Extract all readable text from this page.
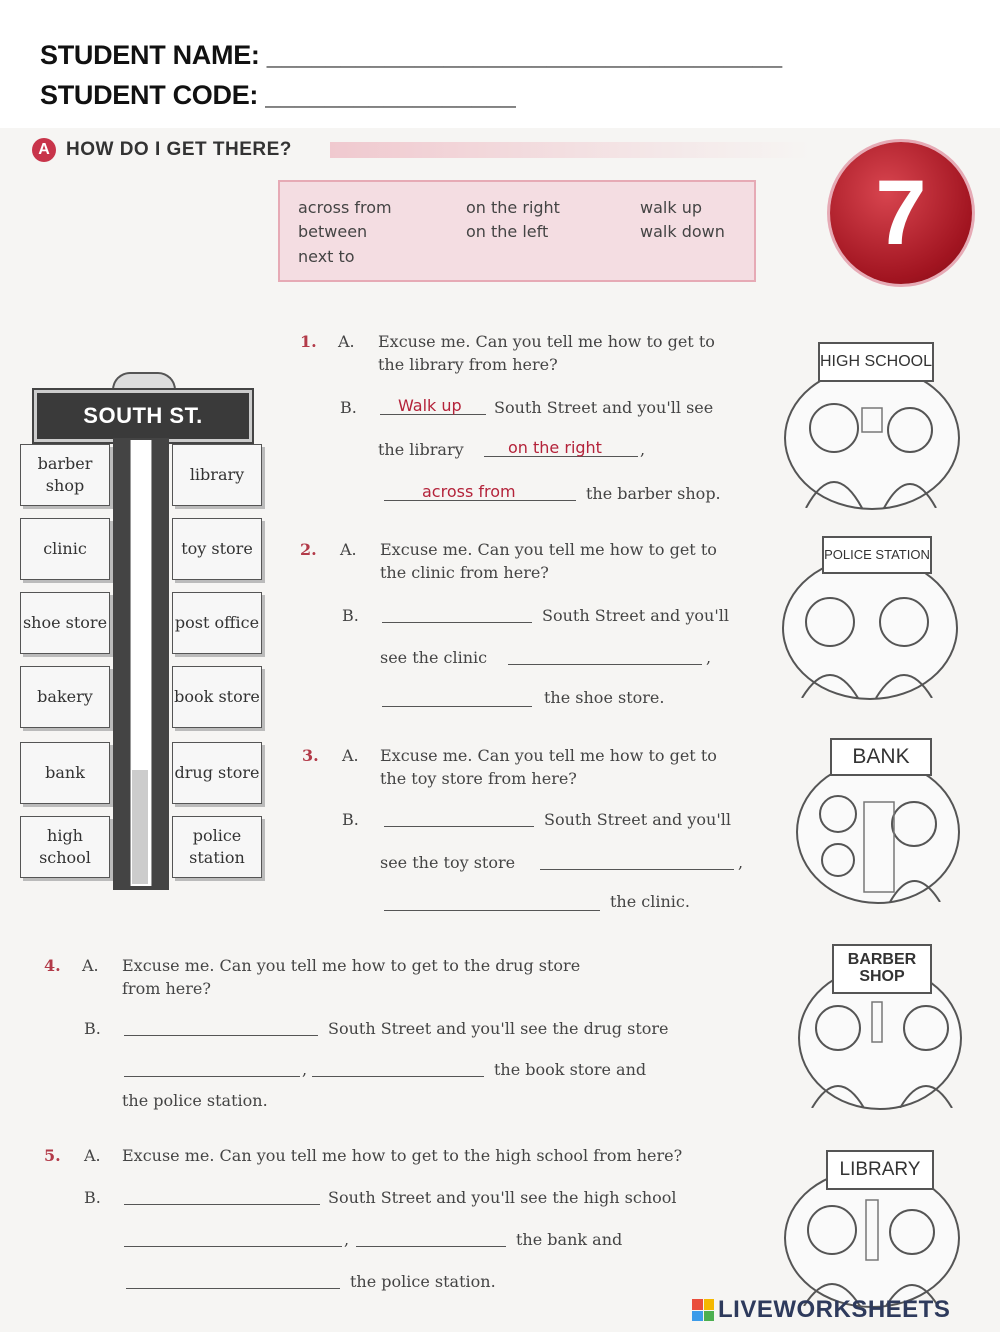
STUDENT NAME: ___________________________________
STUDENT CODE: _________________
A HOW DO I GET THERE?
across from
between
next to
on the right
on the left
walk up
walk down	7
SOUTH ST.
barber shop
clinic
shoe store
bakery
bank
high school
library
toy store
post office
book store
drug store
police station
1. A. Excuse me. Can you tell me how to get to
the library from here?
B.	Walk up South Street and you'll see
the library	on the right ,
across from	the barber shop.
2. A. Excuse me. Can you tell me how to get to
the clinic from here?
B.	South Street and you'll
see the clinic	,
the shoe store.
3. A. Excuse me. Can you tell me how to get to
the toy store from here?
B.	South Street and you'll
see the toy store	,
the clinic.
4. A. Excuse me. Can you tell me how to get to the drug store
from here?
B.	South Street and you'll see the drug store
,	the book store and
the police station.
5. A. Excuse me. Can you tell me how to get to the high school from here?
B.	South Street and you'll see the high school
,	the bank and
the police station.
HIGH SCHOOL
POLICE STATION
BANK
BARBER SHOP
LIBRARY
LIVEWORKSHEETS
